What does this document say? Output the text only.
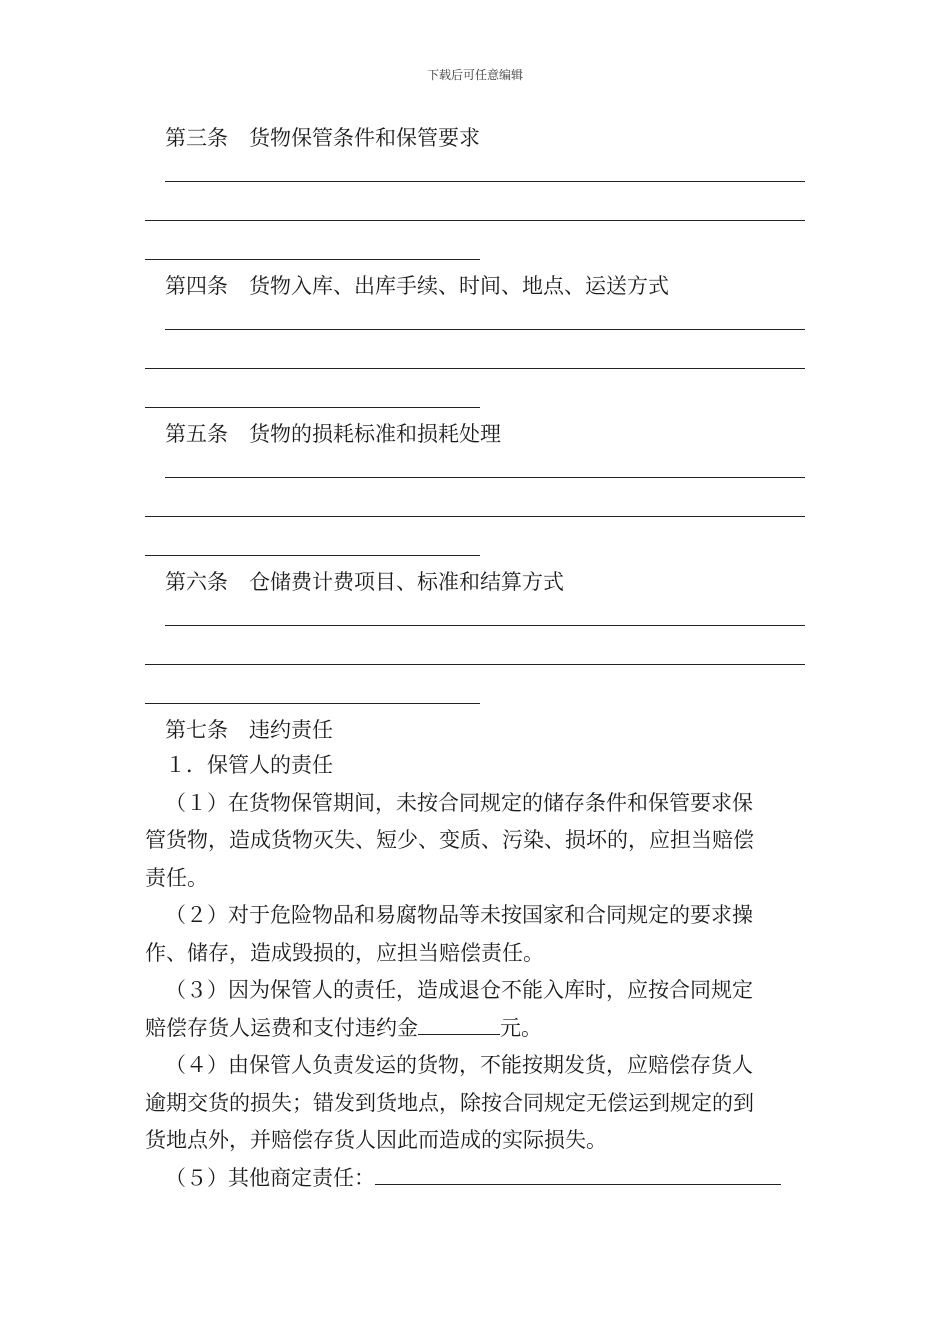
下载后可任意编辑
第三条　货物保管条件和保管要求
第四条　货物入库、出库手续、时间、地点、运送方式
第五条　货物的损耗标准和损耗处理
第六条　仓储费计费项目、标准和结算方式
第七条　违约责任
１．保管人的责任
（１）在货物保管期间，未按合同规定的储存条件和保管要求保
管货物，造成货物灭失、短少、变质、污染、损坏的，应担当赔偿
责任。
（２）对于危险物品和易腐物品等未按国家和合同规定的要求操
作、储存，造成毁损的，应担当赔偿责任。
（３）因为保管人的责任，造成退仓不能入库时，应按合同规定
赔偿存货人运费和支付违约金	元。
（４）由保管人负责发运的货物，不能按期发货，应赔偿存货人
逾期交货的损失；错发到货地点，除按合同规定无偿运到规定的到
货地点外，并赔偿存货人因此而造成的实际损失。
（５）其他商定责任：
